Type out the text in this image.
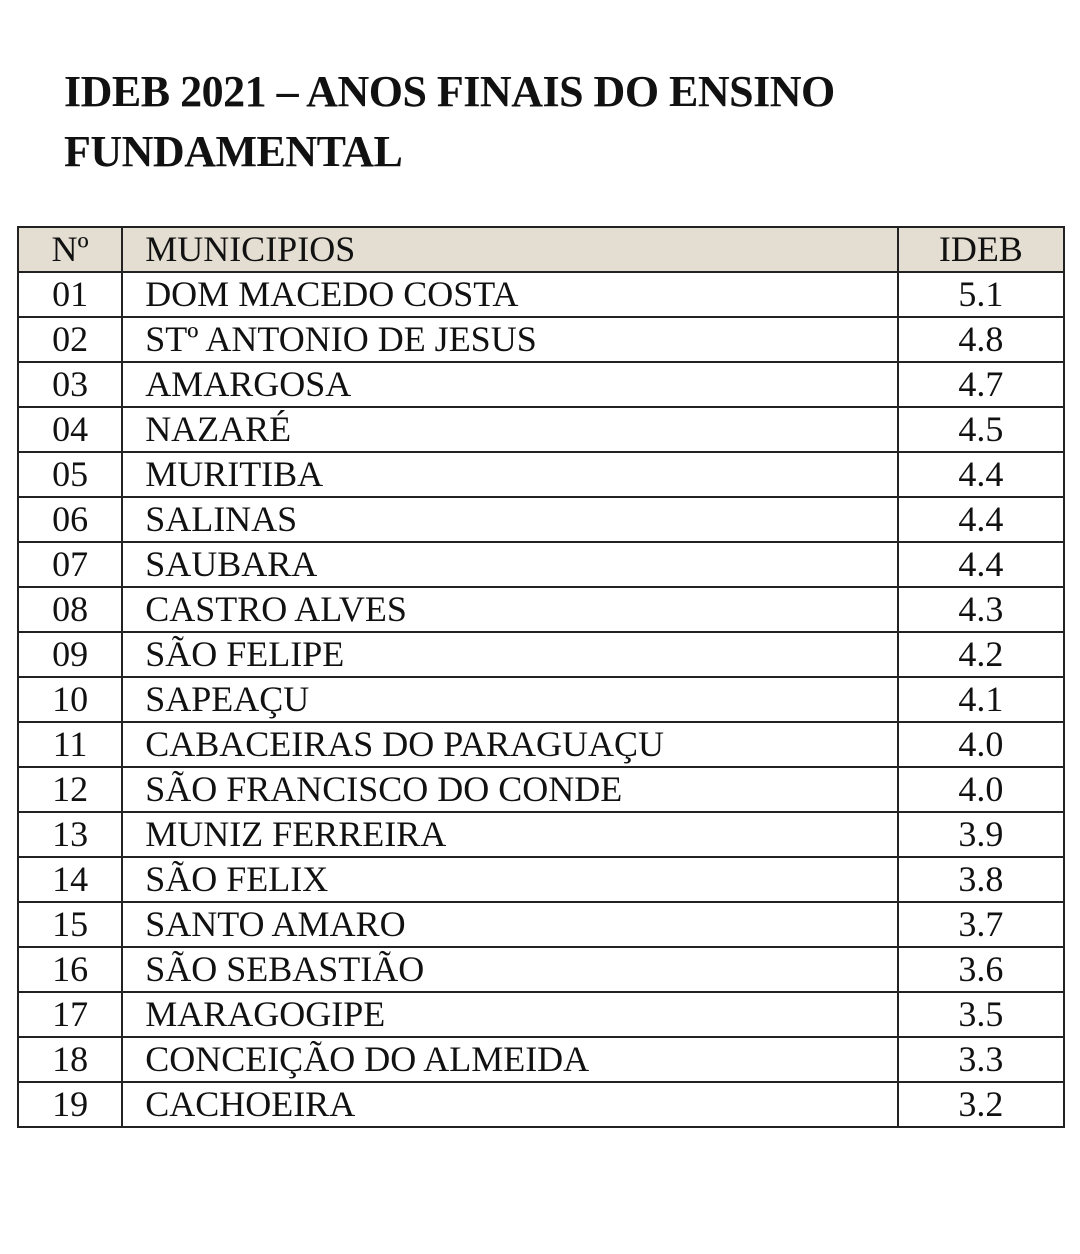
IDEB 2021 – ANOS FINAIS DO ENSINO
FUNDAMENTAL
Nº	MUNICIPIOS	IDEB
01	DOM MACEDO COSTA	5.1
02	STº ANTONIO DE JESUS	4.8
03	AMARGOSA	4.7
04	NAZARÉ	4.5
05	MURITIBA	4.4
06	SALINAS	4.4
07	SAUBARA	4.4
08	CASTRO ALVES	4.3
09	SÃO FELIPE	4.2
10	SAPEAÇU	4.1
11	CABACEIRAS DO PARAGUAÇU	4.0
12	SÃO FRANCISCO DO CONDE	4.0
13	MUNIZ FERREIRA	3.9
14	SÃO FELIX	3.8
15	SANTO AMARO	3.7
16	SÃO SEBASTIÃO	3.6
17	MARAGOGIPE	3.5
18	CONCEIÇÃO DO ALMEIDA	3.3
19	CACHOEIRA	3.2
